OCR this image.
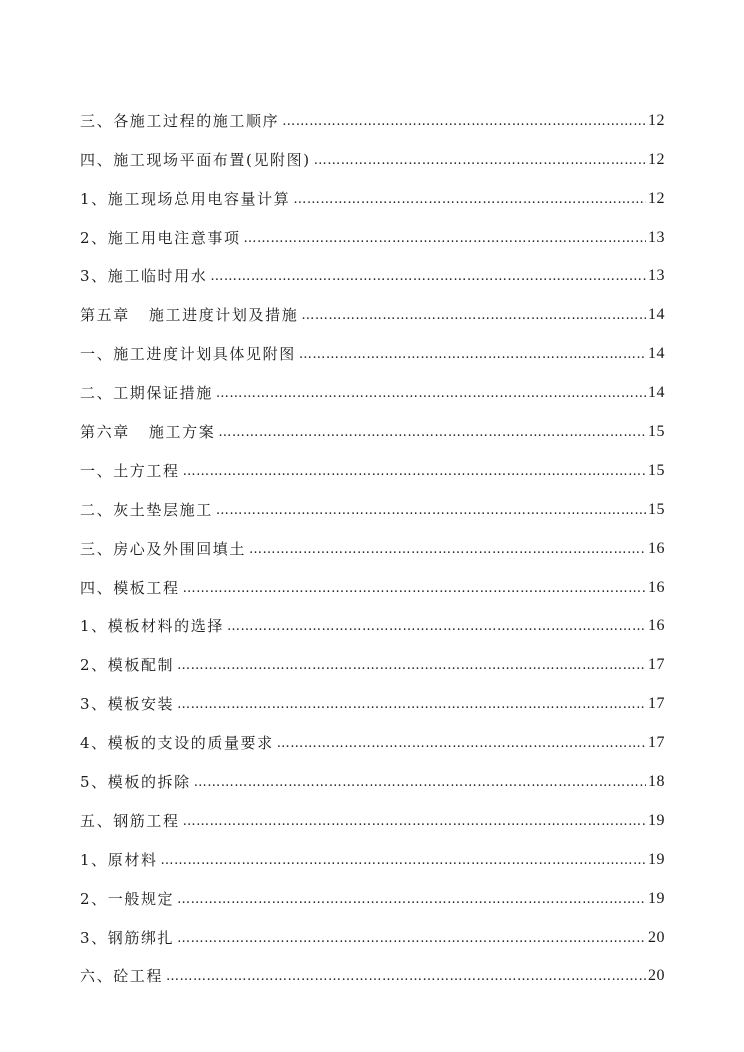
三、各施工过程的施工顺序 ………………………………………………………………………………………………………………………………………………………………………………………………………………………………	12
四、施工现场平面布置(见附图) ………………………………………………………………………………………………………………………………………………………………………………………………………………………………	12
1、施工现场总用电容量计算 ………………………………………………………………………………………………………………………………………………………………………………………………………………………………	12
2、施工用电注意事项 ………………………………………………………………………………………………………………………………………………………………………………………………………………………………	13
3、施工临时用水 ………………………………………………………………………………………………………………………………………………………………………………………………………………………………	13
第五章   施工进度计划及措施 ………………………………………………………………………………………………………………………………………………………………………………………………………………………………	14
一、施工进度计划具体见附图 ………………………………………………………………………………………………………………………………………………………………………………………………………………………………	14
二、工期保证措施 ………………………………………………………………………………………………………………………………………………………………………………………………………………………………	14
第六章   施工方案 ………………………………………………………………………………………………………………………………………………………………………………………………………………………………	15
一、土方工程 ………………………………………………………………………………………………………………………………………………………………………………………………………………………………	15
二、灰土垫层施工 ………………………………………………………………………………………………………………………………………………………………………………………………………………………………	15
三、房心及外围回填土 ………………………………………………………………………………………………………………………………………………………………………………………………………………………………	16
四、模板工程 ………………………………………………………………………………………………………………………………………………………………………………………………………………………………	16
1、模板材料的选择 ………………………………………………………………………………………………………………………………………………………………………………………………………………………………	16
2、模板配制 ………………………………………………………………………………………………………………………………………………………………………………………………………………………………	17
3、模板安装 ………………………………………………………………………………………………………………………………………………………………………………………………………………………………	17
4、模板的支设的质量要求 ………………………………………………………………………………………………………………………………………………………………………………………………………………………………	17
5、模板的拆除 ………………………………………………………………………………………………………………………………………………………………………………………………………………………………	18
五、钢筋工程 ………………………………………………………………………………………………………………………………………………………………………………………………………………………………	19
1、原材料 ………………………………………………………………………………………………………………………………………………………………………………………………………………………………	19
2、一般规定 ………………………………………………………………………………………………………………………………………………………………………………………………………………………………	19
3、钢筋绑扎 ………………………………………………………………………………………………………………………………………………………………………………………………………………………………	20
六、砼工程 ………………………………………………………………………………………………………………………………………………………………………………………………………………………………	20
